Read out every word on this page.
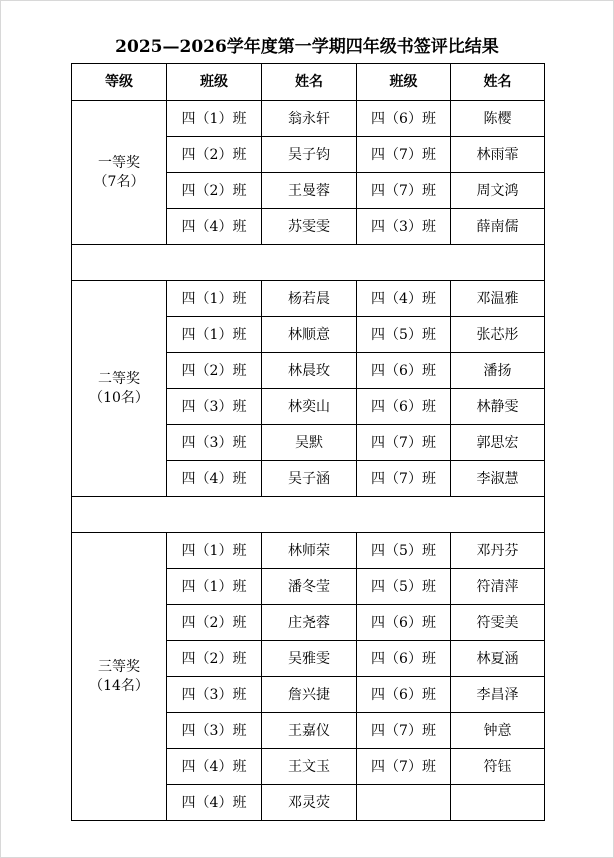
2025—2026学年度第一学期四年级书签评比结果
等级	班级	姓名	班级	姓名

一等奖
（7名）	四（1）班	翁永轩	四（6）班	陈樱
	四（2）班	吴子钧	四（7）班	林雨霏
	四（2）班	王曼蓉	四（7）班	周文鸿
	四（4）班	苏雯雯	四（3）班	薛南儒

二等奖
（10名）	四（1）班	杨若晨	四（4）班	邓温雅
	四（1）班	林顺意	四（5）班	张芯彤
	四（2）班	林晨玫	四（6）班	潘扬
	四（3）班	林奕山	四（6）班	林静雯
	四（3）班	吴默	四（7）班	郭思宏
	四（4）班	吴子涵	四（7）班	李淑慧

三等奖
（14名）	四（1）班	林师荣	四（5）班	邓丹芬
	四（1）班	潘冬莹	四（5）班	符清萍
	四（2）班	庄尧蓉	四（6）班	符雯美
	四（2）班	吴雅雯	四（6）班	林夏涵
	四（3）班	詹兴捷	四（6）班	李昌泽
	四（3）班	王嘉仪	四（7）班	钟意
	四（4）班	王文玉	四（7）班	符钰
	四（4）班	邓灵荧		
